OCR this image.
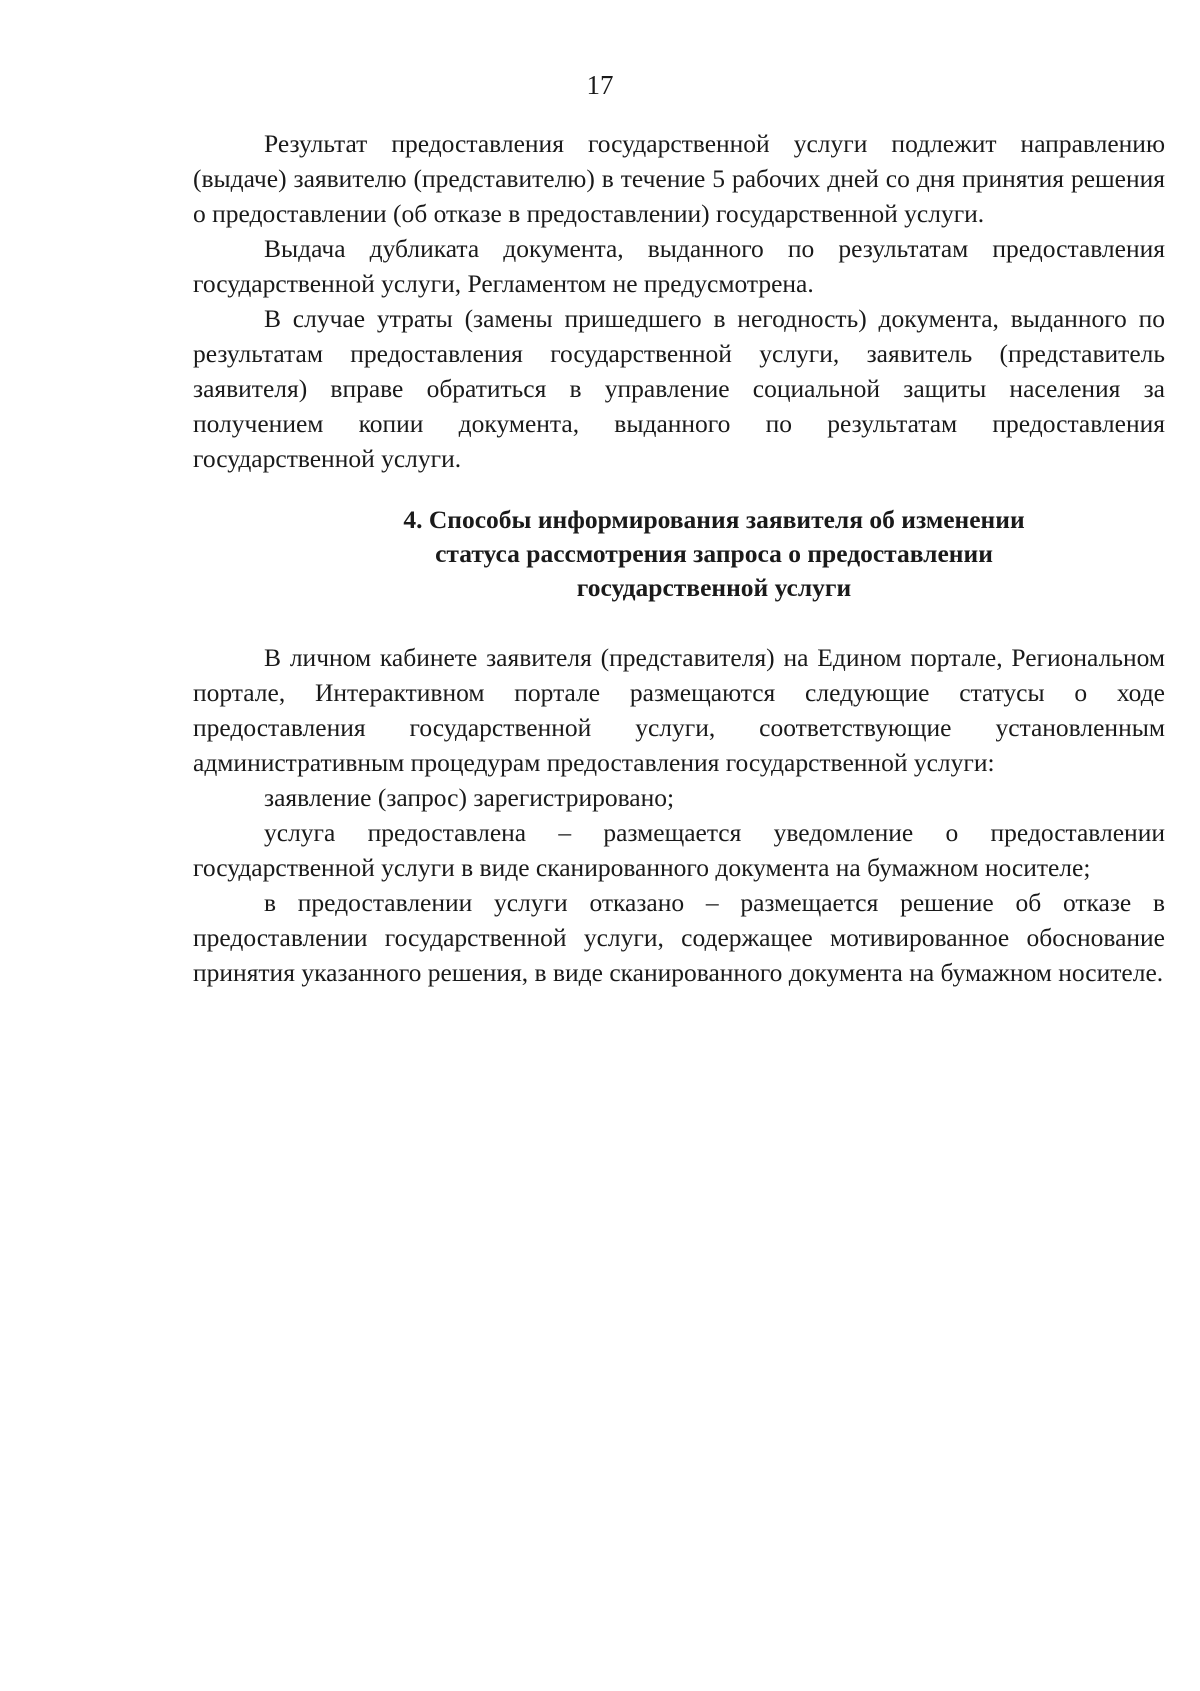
17

Результат предоставления государственной услуги подлежит направлению (выдаче) заявителю (представителю) в течение 5 рабочих дней со дня принятия решения о предоставлении (об отказе в предоставлении) государственной услуги.

Выдача дубликата документа, выданного по результатам предоставления государственной услуги, Регламентом не предусмотрена.

В случае утраты (замены пришедшего в негодность) документа, выданного по результатам предоставления государственной услуги, заявитель (представитель заявителя) вправе обратиться в управление социальной защиты населения за получением копии документа, выданного по результатам предоставления государственной услуги.

4. Способы информирования заявителя об изменении
статуса рассмотрения запроса о предоставлении
государственной услуги

В личном кабинете заявителя (представителя) на Едином портале, Региональном портале, Интерактивном портале размещаются следующие статусы о ходе предоставления государственной услуги, соответствующие установленным административным процедурам предоставления государственной услуги:

заявление (запрос) зарегистрировано;

услуга предоставлена – размещается уведомление о предоставлении государственной услуги в виде сканированного документа на бумажном носителе;

в предоставлении услуги отказано – размещается решение об отказе в предоставлении государственной услуги, содержащее мотивированное обоснование принятия указанного решения, в виде сканированного документа на бумажном носителе.
